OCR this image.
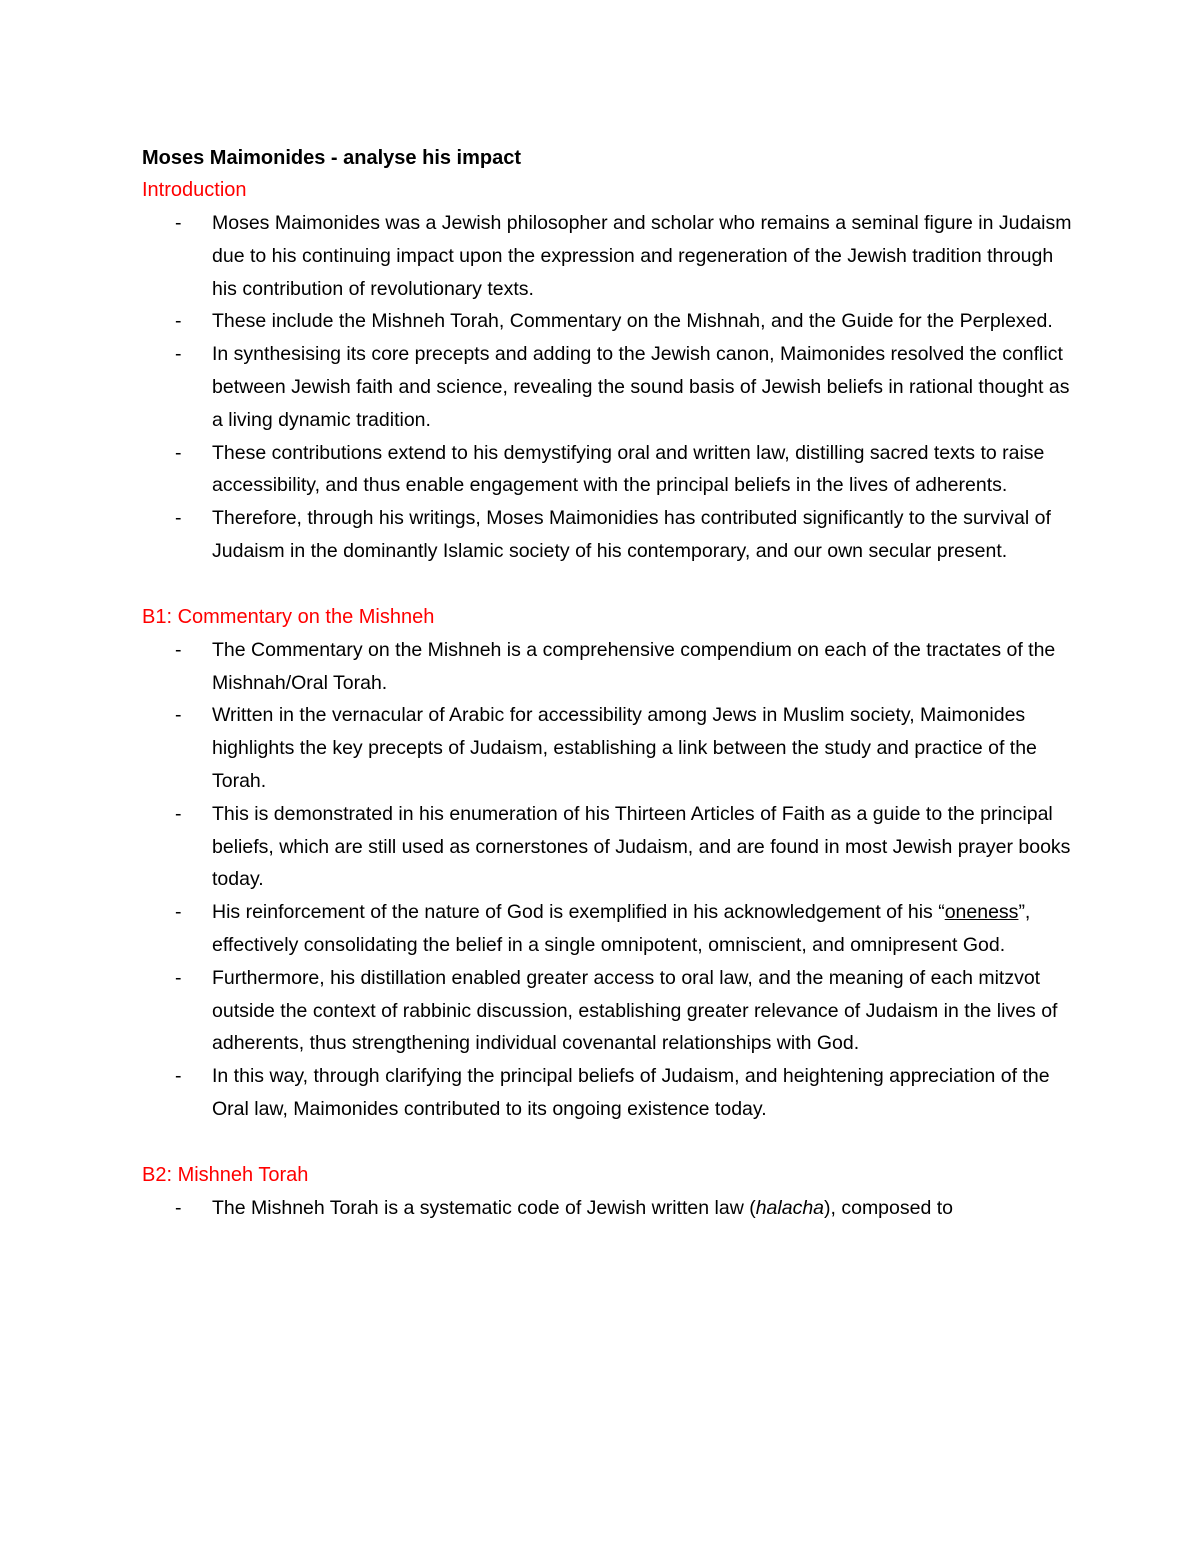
Moses Maimonides - analyse his impact

Introduction

- Moses Maimonides was a Jewish philosopher and scholar who remains a seminal figure in Judaism due to his continuing impact upon the expression and regeneration of the Jewish tradition through his contribution of revolutionary texts.
- These include the Mishneh Torah, Commentary on the Mishnah, and the Guide for the Perplexed.
- In synthesising its core precepts and adding to the Jewish canon, Maimonides resolved the conflict between Jewish faith and science, revealing the sound basis of Jewish beliefs in rational thought as a living dynamic tradition.
- These contributions extend to his demystifying oral and written law, distilling sacred texts to raise accessibility, and thus enable engagement with the principal beliefs in the lives of adherents.
- Therefore, through his writings, Moses Maimonidies has contributed significantly to the survival of Judaism in the dominantly Islamic society of his contemporary, and our own secular present.

B1: Commentary on the Mishneh

- The Commentary on the Mishneh is a comprehensive compendium on each of the tractates of the Mishnah/Oral Torah.
- Written in the vernacular of Arabic for accessibility among Jews in Muslim society, Maimonides highlights the key precepts of Judaism, establishing a link between the study and practice of the Torah.
- This is demonstrated in his enumeration of his Thirteen Articles of Faith as a guide to the principal beliefs, which are still used as cornerstones of Judaism, and are found in most Jewish prayer books today.
- His reinforcement of the nature of God is exemplified in his acknowledgement of his “oneness”, effectively consolidating the belief in a single omnipotent, omniscient, and omnipresent God.
- Furthermore, his distillation enabled greater access to oral law, and the meaning of each mitzvot outside the context of rabbinic discussion, establishing greater relevance of Judaism in the lives of adherents, thus strengthening individual covenantal relationships with God.
- In this way, through clarifying the principal beliefs of Judaism, and heightening appreciation of the Oral law, Maimonides contributed to its ongoing existence today.

B2: Mishneh Torah

- The Mishneh Torah is a systematic code of Jewish written law (halacha), composed to
